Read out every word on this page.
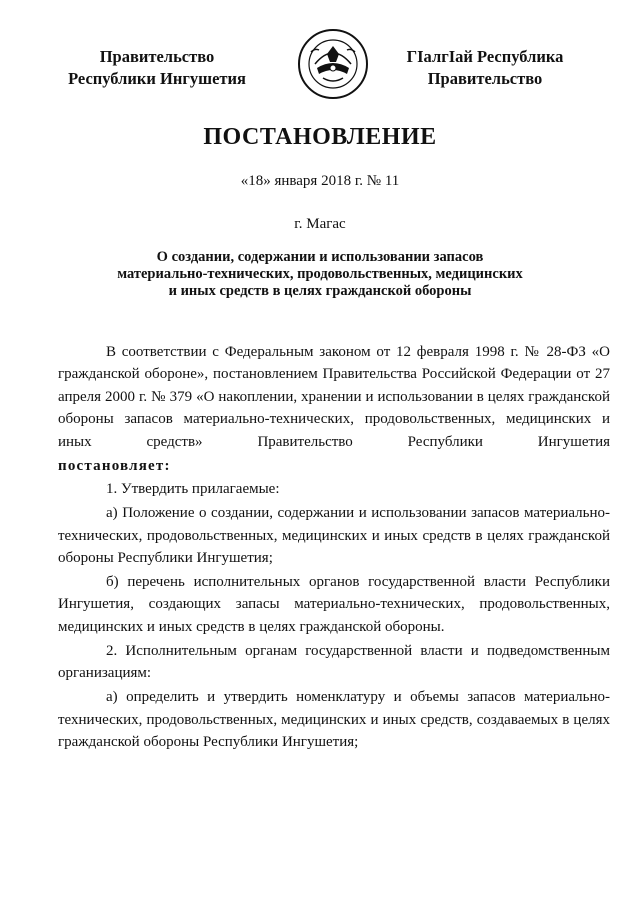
Правительство
Республики Ингушетия
ГIалгIай Республика
Правительство
ПОСТАНОВЛЕНИЕ
«18» января 2018 г. № 11
г. Магас
О создании, содержании и использовании запасов
материально-технических, продовольственных, медицинских
и иных средств в целях гражданской обороны
В соответствии с Федеральным законом от 12 февраля 1998 г. № 28-ФЗ «О гражданской обороне», постановлением Правительства Российской Федерации от 27 апреля 2000 г. № 379 «О накоплении, хранении и использовании в целях гражданской обороны запасов материально-технических, продовольственных, медицинских и иных средств» Правительство Республики Ингушетия
постановляет:
1. Утвердить прилагаемые:
а) Положение о создании, содержании и использовании запасов материально-технических, продовольственных, медицинских и иных средств в целях гражданской обороны Республики Ингушетия;
б) перечень исполнительных органов государственной власти Республики Ингушетия, создающих запасы материально-технических, продовольственных, медицинских и иных средств в целях гражданской обороны.
2. Исполнительным органам государственной власти и подведомственным организациям:
а) определить и утвердить номенклатуру и объемы запасов материально-технических, продовольственных, медицинских и иных средств, создаваемых в целях гражданской обороны Республики Ингушетия;
